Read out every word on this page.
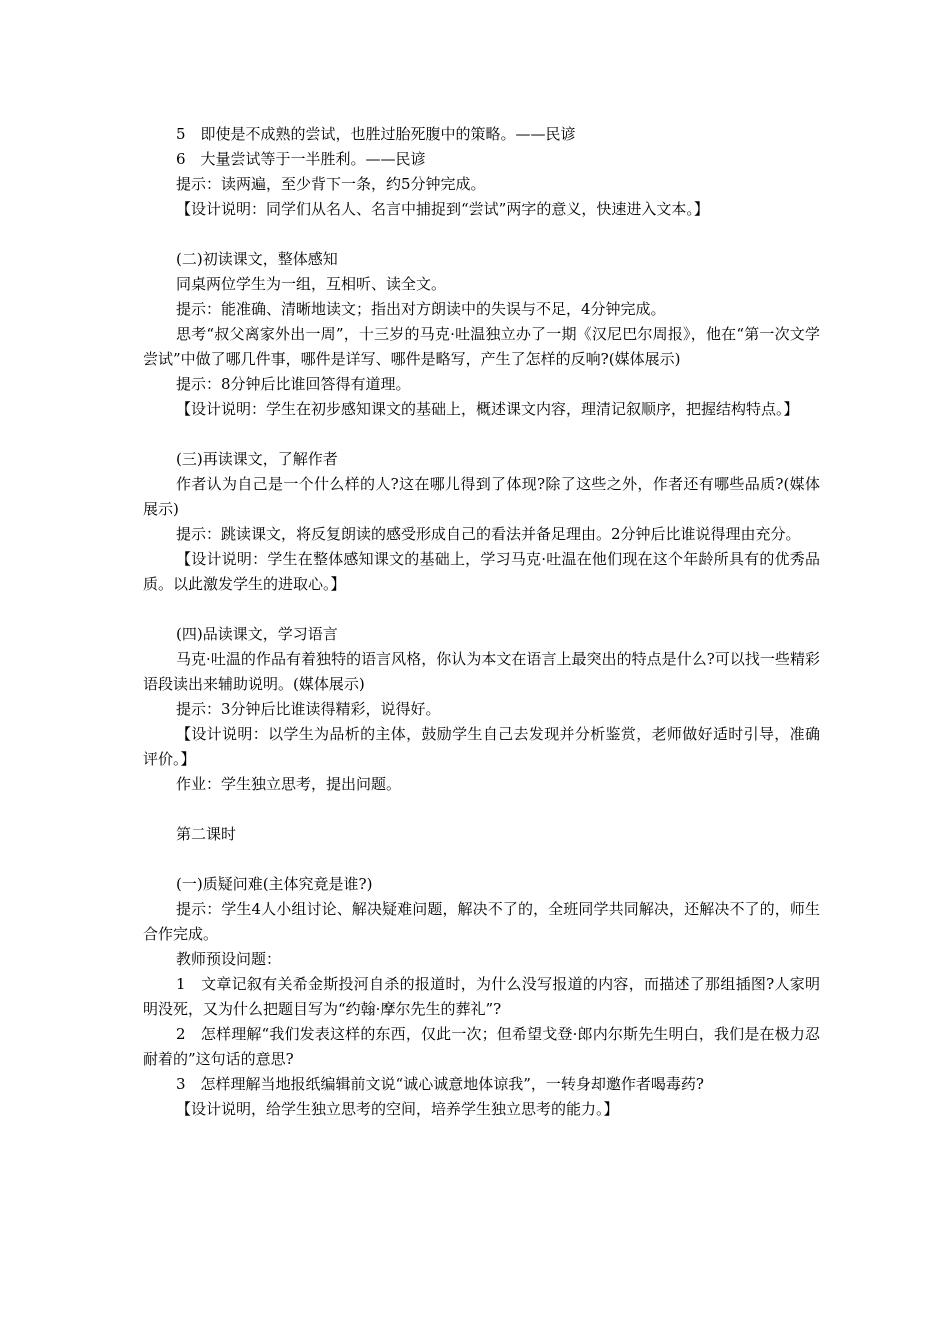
5　即使是不成熟的尝试，也胜过胎死腹中的策略。——民谚

6　大量尝试等于一半胜利。——民谚

提示：读两遍，至少背下一条，约5分钟完成。

【设计说明：同学们从名人、名言中捕捉到“尝试”两字的意义，快速进入文本。】

(二)初读课文，整体感知

同桌两位学生为一组，互相听、读全文。

提示：能准确、清晰地读文；指出对方朗读中的失误与不足，4分钟完成。

思考“叔父离家外出一周”，十三岁的马克·吐温独立办了一期《汉尼巴尔周报》，他在“第一次文学尝试”中做了哪几件事，哪件是详写、哪件是略写，产生了怎样的反响?(媒体展示)

提示：8分钟后比谁回答得有道理。

【设计说明：学生在初步感知课文的基础上，概述课文内容，理清记叙顺序，把握结构特点。】

(三)再读课文，了解作者

作者认为自己是一个什么样的人?这在哪儿得到了体现?除了这些之外，作者还有哪些品质?(媒体展示)

提示：跳读课文，将反复朗读的感受形成自己的看法并备足理由。2分钟后比谁说得理由充分。

【设计说明：学生在整体感知课文的基础上，学习马克·吐温在他们现在这个年龄所具有的优秀品质。以此激发学生的进取心。】

(四)品读课文，学习语言

马克·吐温的作品有着独特的语言风格，你认为本文在语言上最突出的特点是什么?可以找一些精彩语段读出来辅助说明。(媒体展示)

提示：3分钟后比谁读得精彩，说得好。

【设计说明：以学生为品析的主体，鼓励学生自己去发现并分析鉴赏，老师做好适时引导，准确评价。】

作业：学生独立思考，提出问题。

第二课时

(一)质疑问难(主体究竟是谁?)

提示：学生4人小组讨论、解决疑难问题，解决不了的，全班同学共同解决，还解决不了的，师生合作完成。

教师预设问题：

1　文章记叙有关希金斯投河自杀的报道时，为什么没写报道的内容，而描述了那组插图?人家明明没死，又为什么把题目写为“约翰·摩尔先生的葬礼”?

2　怎样理解“我们发表这样的东西，仅此一次；但希望戈登·郎内尔斯先生明白，我们是在极力忍耐着的”这句话的意思?

3　怎样理解当地报纸编辑前文说“诚心诚意地体谅我”，一转身却邀作者喝毒药?

【设计说明，给学生独立思考的空间，培养学生独立思考的能力。】
